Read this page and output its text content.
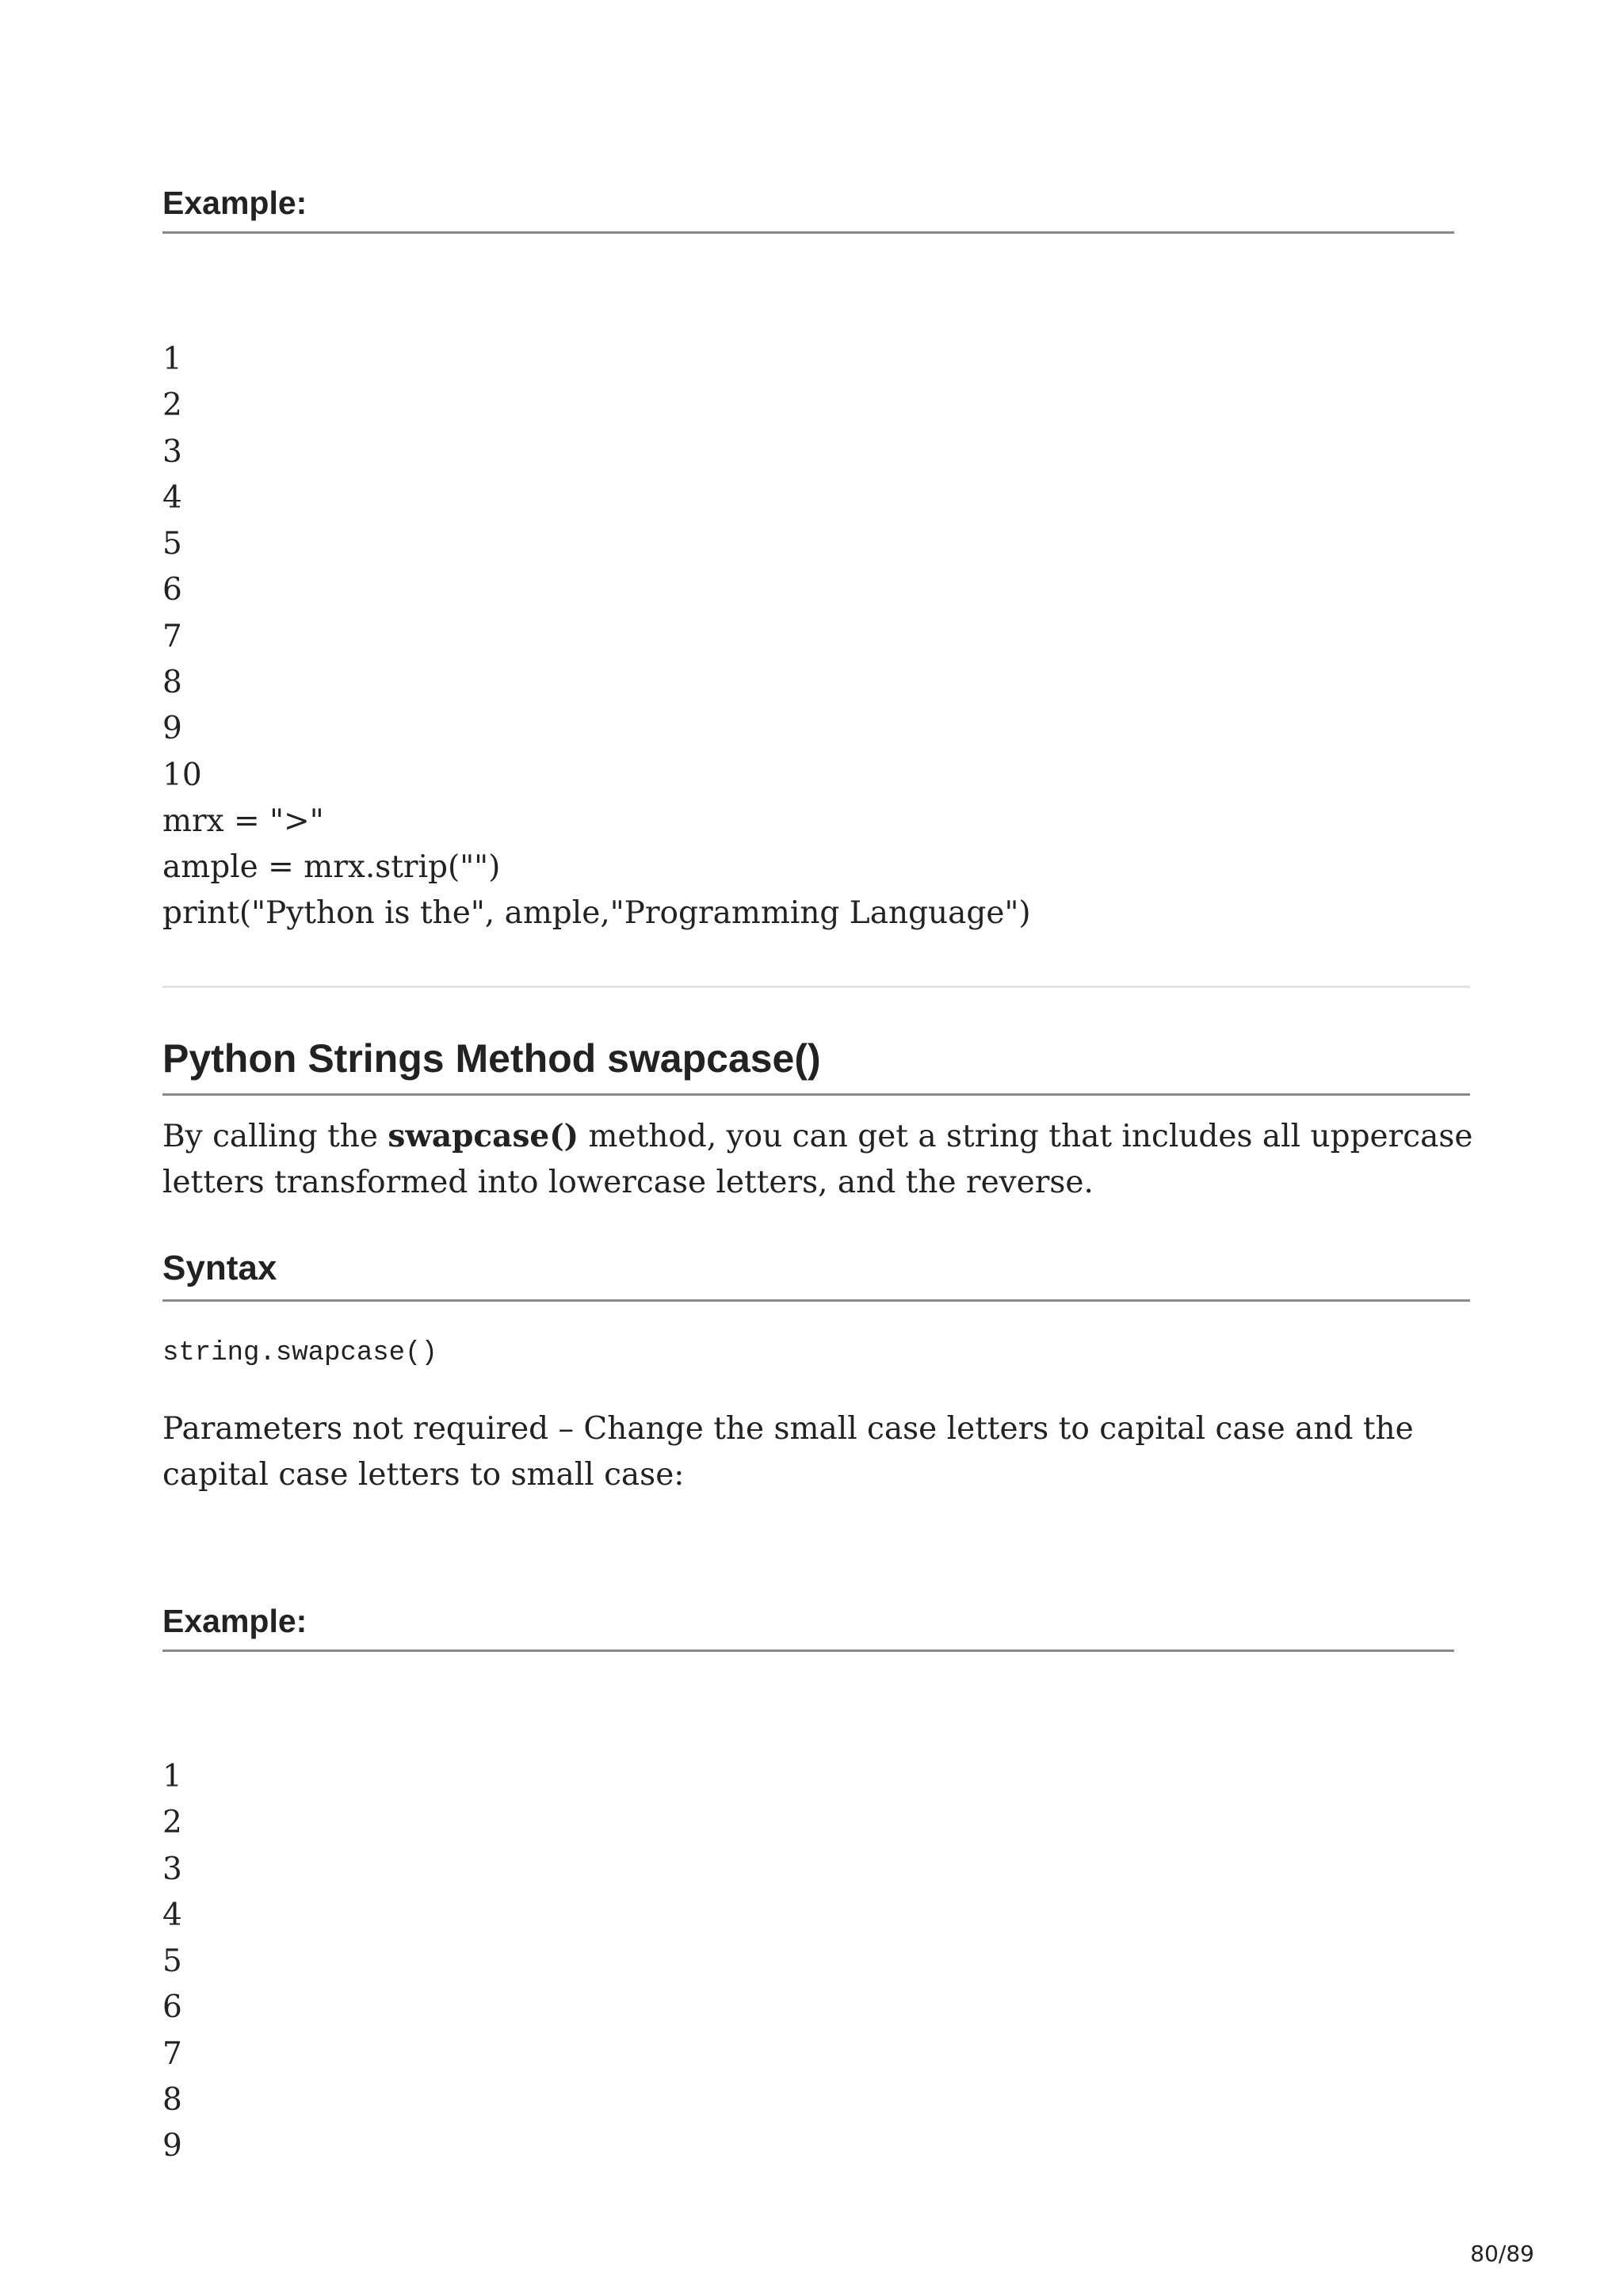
Example:
1
2
3
4
5
6
7
8
9
10
mrx = ">"
ample = mrx.strip("")
print("Python is the", ample,"Programming Language")
Python Strings Method swapcase()

By calling the swapcase() method, you can get a string that includes all uppercase letters transformed into lowercase letters, and the reverse.

Syntax
string.swapcase()

Parameters not required – Change the small case letters to capital case and the capital case letters to small case:

Example:
1
2
3
4
5
6
7
8
9
80/89
